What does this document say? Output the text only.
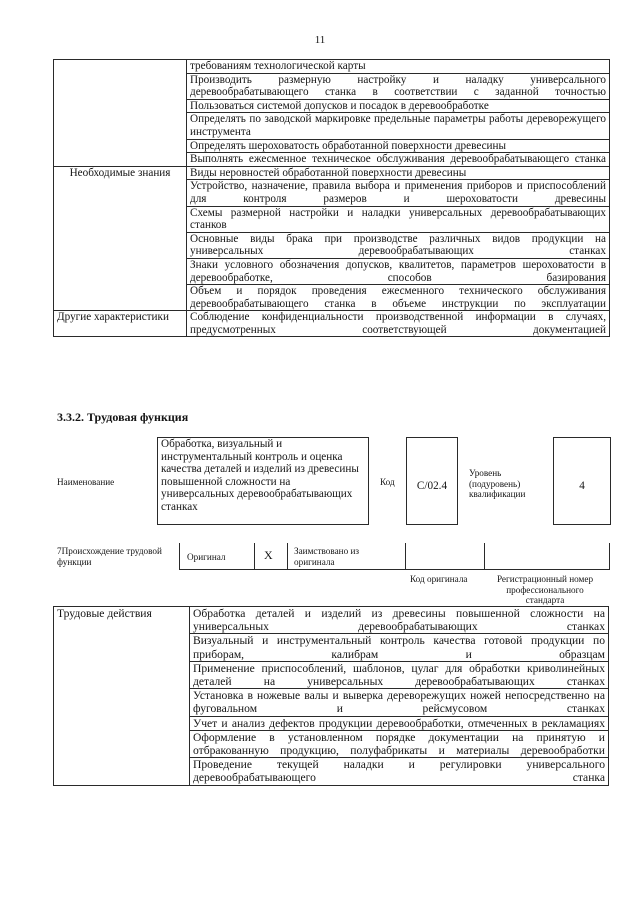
11
	требованиям технологической карты
	Производить размерную настройку и наладку универсального деревообрабатывающего станка в соответствии с заданной точностью
	Пользоваться системой допусков и посадок в деревообработке
	Определять по заводской маркировке предельные параметры работы дереворежущего инструмента
	Определять шероховатость обработанной поверхности древесины
	Выполнять ежесменное техническое обслуживания деревообрабатывающего станка
Необходимые знания	Виды неровностей обработанной поверхности древесины
	Устройство, назначение, правила выбора и применения приборов и приспособлений для контроля размеров и шероховатости древесины
	Схемы размерной настройки и наладки универсальных деревообрабатывающих станков
	Основные виды брака при производстве различных видов продукции на универсальных деревообрабатывающих станках
	Знаки условного обозначения допусков, квалитетов, параметров шероховатости в деревообработке, способов базирования
	Объем и порядок проведения ежесменного технического обслуживания деревообрабатывающего станка в объеме инструкции по эксплуатации
Другие характеристики	Соблюдение конфиденциальности производственной информации в случаях, предусмотренных соответствующей документацией
3.3.2. Трудовая функция
Наименование
Обработка, визуальный и инструментальный контроль и оценка качества деталей и изделий из древесины повышенной сложности на универсальных деревообрабатывающих станках
Код	С/02.4
Уровень (подуровень) квалификации
4
7Происхождение трудовой функции	Оригинал	X Заимствовано из оригинала
Код оригинала	Регистрационный номер профессионального стандарта
Трудовые действия	Обработка деталей и изделий из древесины повышенной сложности на универсальных деревообрабатывающих станках
Визуальный и инструментальный контроль качества готовой продукции по приборам, калибрам и образцам
Применение приспособлений, шаблонов, цулаг для обработки криволинейных деталей на универсальных деревообрабатывающих станках
Установка в ножевые валы и выверка дереворежущих ножей непосредственно на фуговальном и рейсмусовом станках
Учет и анализ дефектов продукции деревообработки, отмеченных в рекламациях
Оформление в установленном порядке документации на принятую и отбракованную продукцию, полуфабрикаты и материалы деревообработки
Проведение текущей наладки и регулировки универсального деревообрабатывающего станка
